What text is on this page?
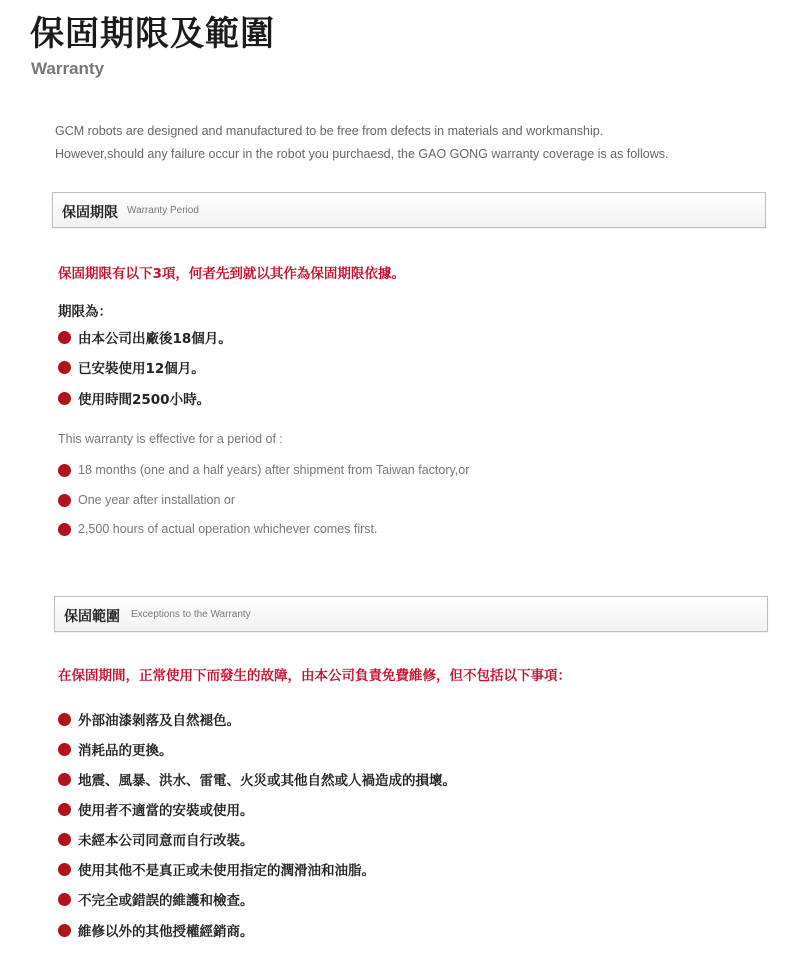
保固期限及範圍
Warranty
GCM robots are designed and manufactured to be free from defects in materials and workmanship.
However,should any failure occur in the robot you purchaesd, the GAO GONG warranty coverage is as follows.
保固期限 Warranty Period
保固期限有以下3項，何者先到就以其作為保固期限依據。
期限為：
由本公司出廠後18個月。
已安裝使用12個月。
使用時間2500小時。
This warranty is effective for a period of :
18 months (one and a half years) after shipment from Taiwan factory,or
One year after installation or
2,500 hours of actual operation whichever comes first.
保固範圍 Exceptions to the Warranty
在保固期間，正常使用下而發生的故障，由本公司負責免費維修，但不包括以下事項：
外部油漆剝落及自然褪色。
消耗品的更換。
地震、風暴、洪水、雷電、火災或其他自然或人禍造成的損壞。
使用者不適當的安裝或使用。
未經本公司同意而自行改裝。
使用其他不是真正或未使用指定的潤滑油和油脂。
不完全或錯誤的維護和檢查。
維修以外的其他授權經銷商。
